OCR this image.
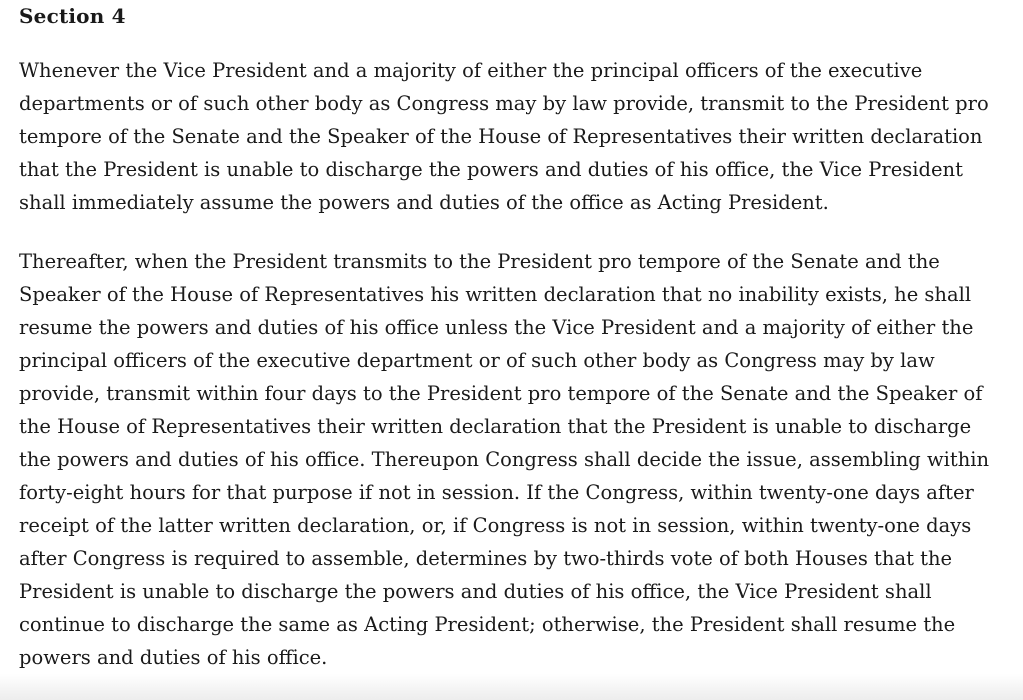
Section 4

Whenever the Vice President and a majority of either the principal officers of the executive departments or of such other body as Congress may by law provide, transmit to the President pro tempore of the Senate and the Speaker of the House of Representatives their written declaration that the President is unable to discharge the powers and duties of his office, the Vice President shall immediately assume the powers and duties of the office as Acting President.

Thereafter, when the President transmits to the President pro tempore of the Senate and the Speaker of the House of Representatives his written declaration that no inability exists, he shall resume the powers and duties of his office unless the Vice President and a majority of either the principal officers of the executive department or of such other body as Congress may by law provide, transmit within four days to the President pro tempore of the Senate and the Speaker of the House of Representatives their written declaration that the President is unable to discharge the powers and duties of his office. Thereupon Congress shall decide the issue, assembling within forty-eight hours for that purpose if not in session. If the Congress, within twenty-one days after receipt of the latter written declaration, or, if Congress is not in session, within twenty-one days after Congress is required to assemble, determines by two-thirds vote of both Houses that the President is unable to discharge the powers and duties of his office, the Vice President shall continue to discharge the same as Acting President; otherwise, the President shall resume the powers and duties of his office.
